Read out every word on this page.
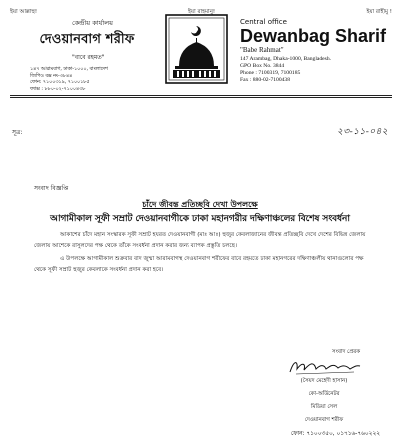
ইয়া আল্লাহু!	ইয়া রাহমানু!	ইয়া রাহীমু !
কেন্দ্রীয় কার্যালয়
দেওয়ানবাগ শরীফ
"বাবে রহমত"
১৪৭ আরামবাগ, ঢাকা-১০০০, বাংলাদেশ
জিপিও বক্স নং-৩৮৪৪
ফোন: ৭১০০৩১৯, ৭১০০১৮৫
ফ্যাক্স : ৮৮০-০২-৭১০০৪৩৮
Central office
Dewanbag Sharif
"Babe Rahmat"
147 Arambag, Dhaka-1000, Bangladesh.
GPO Box No. 3844
Phone : 7100319, 7100185
Fax : 880-02-7100438
সূত্র:	২৩-১১-০৪২
সংবাদ বিজ্ঞপ্তি
চাঁদে জীবন্ত প্রতিচ্ছবি দেখা উপলক্ষে
আগামীকাল সূফী সম্রাট দেওয়ানবাগীকে ঢাকা মহানগরীর দক্ষিণাঞ্চলের বিশেষ সংবর্ধনা

আকাশের চাঁদে মহান সংস্কারক সূফী সম্রাট হযরত দেওয়ানবাগী (মাঃ আঃ) হুজুর কেবলাজানের জীবন্ত প্রতিচ্ছবি দেখে দেশের বিভিন্ন জেলায় জেলায় আশেকে রাসুলদের পক্ষ থেকে তাঁকে সংবর্ধনা প্রদান করার জন্য ব্যাপক প্রস্তুতি চলছে।

এ উপলক্ষে আগামীকাল শুক্রবার বাদ জুম্মা আরামবাগস্থ দেওয়ানবাগ শরীফের বাবে রহমতে ঢাকা মহানগরের দক্ষিণাঞ্চলীয় থানাগুলোর পক্ষ থেকে সূফী সম্রাট হুজুর কেবলাকে সংবর্ধনা প্রদান করা হবে।

সংবাদ প্রেরক
(সৈয়দ মেহেদী হাসান)
কো-অর্ডিনেটর
মিডিয়া সেল
দেওয়ানবাগ শরীফ
ফোন: ৭১০০৩৫০, ০১৭১৬-৭৬০২২২
